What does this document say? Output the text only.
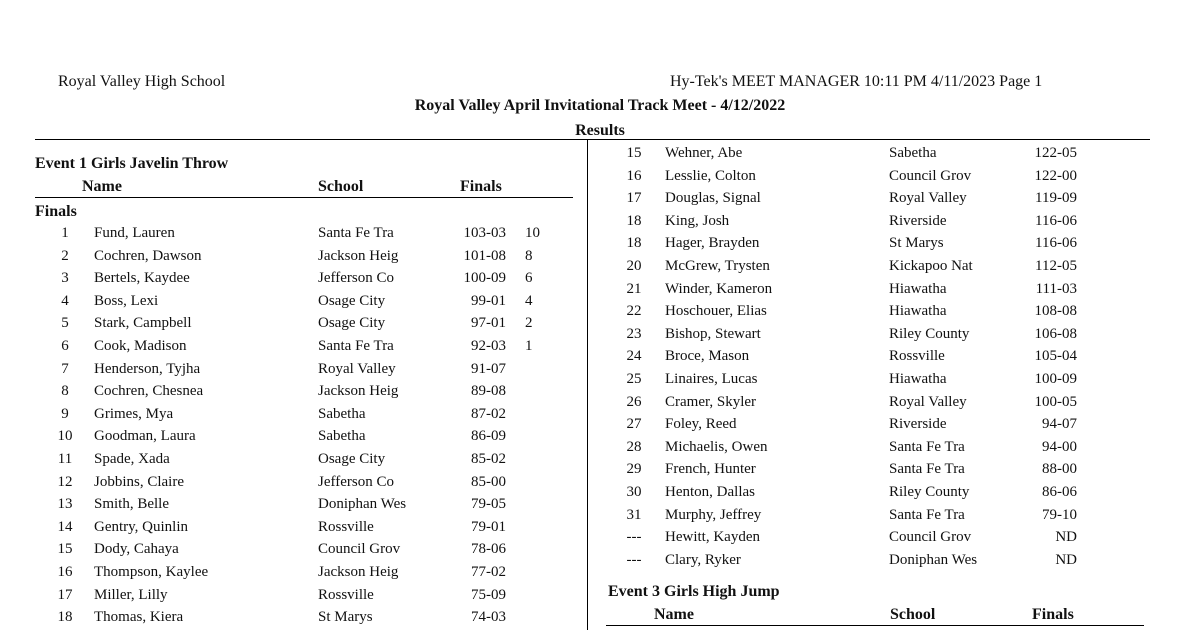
Royal Valley High School	Hy-Tek's MEET MANAGER 10:11 PM 4/11/2023 Page 1
Royal Valley April Invitational Track Meet - 4/12/2022
Results
Event 1 Girls Javelin Throw
Name	School	Finals
Finals
1	Fund, Lauren	Santa Fe Tra	103-03 10
2	Cochren, Dawson	Jackson Heig	101-08 8
3	Bertels, Kaydee	Jefferson Co	100-09 6
4	Boss, Lexi	Osage City	99-01 4
5	Stark, Campbell	Osage City	97-01 2
6	Cook, Madison	Santa Fe Tra	92-03 1
7	Henderson, Tyjha	Royal Valley	91-07
8	Cochren, Chesnea	Jackson Heig	89-08
9	Grimes, Mya	Sabetha	87-02
10	Goodman, Laura	Sabetha	86-09
11	Spade, Xada	Osage City	85-02
12	Jobbins, Claire	Jefferson Co	85-00
13	Smith, Belle	Doniphan Wes	79-05
14	Gentry, Quinlin	Rossville	79-01
15	Dody, Cahaya	Council Grov	78-06
16	Thompson, Kaylee	Jackson Heig	77-02
17	Miller, Lilly	Rossville	75-09
18	Thomas, Kiera	St Marys	74-03
15	Wehner, Abe	Sabetha	122-05
16	Lesslie, Colton	Council Grov	122-00
17	Douglas, Signal	Royal Valley	119-09
18	King, Josh	Riverside	116-06
18	Hager, Brayden	St Marys	116-06
20	McGrew, Trysten	Kickapoo Nat	112-05
21	Winder, Kameron	Hiawatha	111-03
22	Hoschouer, Elias	Hiawatha	108-08
23	Bishop, Stewart	Riley County	106-08
24	Broce, Mason	Rossville	105-04
25	Linaires, Lucas	Hiawatha	100-09
26	Cramer, Skyler	Royal Valley	100-05
27	Foley, Reed	Riverside	94-07
28	Michaelis, Owen	Santa Fe Tra	94-00
29	French, Hunter	Santa Fe Tra	88-00
30	Henton, Dallas	Riley County	86-06
31	Murphy, Jeffrey	Santa Fe Tra	79-10
---	Hewitt, Kayden	Council Grov	ND
---	Clary, Ryker	Doniphan Wes	ND
Event 3 Girls High Jump
Name	School	Finals
